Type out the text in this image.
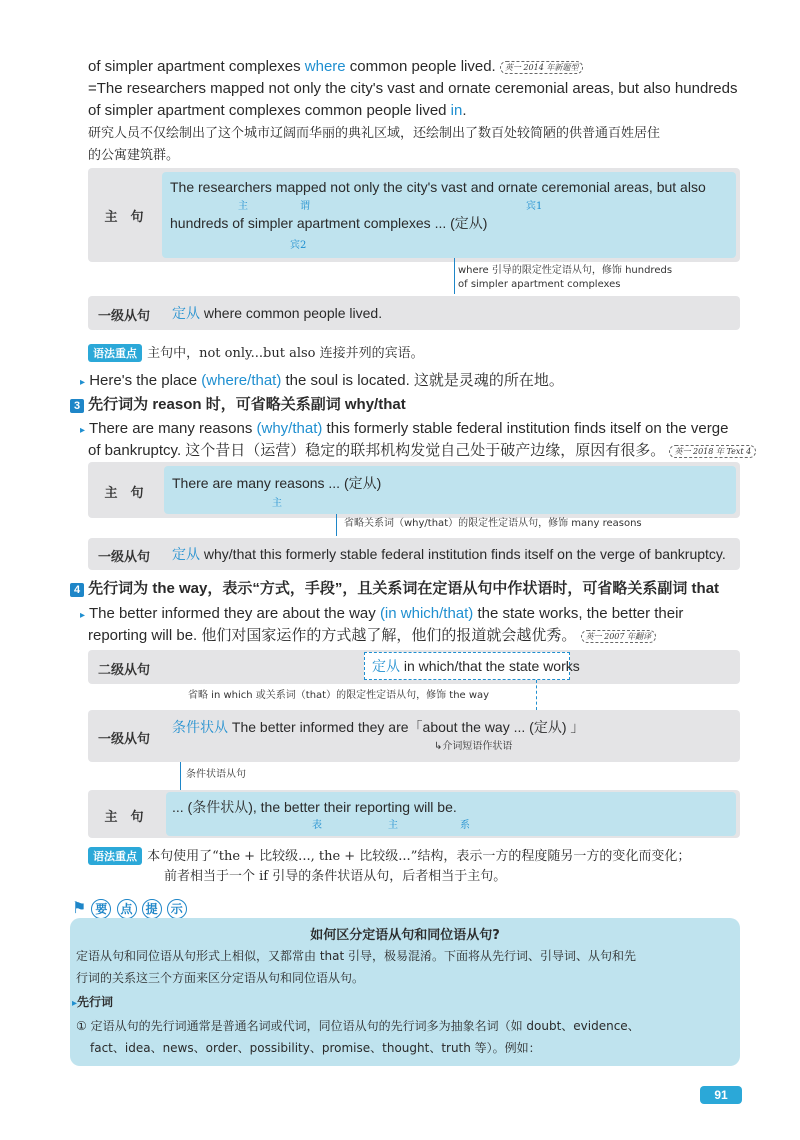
of simpler apartment complexes where common people lived. 英一 2014 年新题型
=The researchers mapped not only the city's vast and ornate ceremonial areas, but also hundreds
of simpler apartment complexes common people lived in.
研究人员不仅绘制出了这个城市辽阔而华丽的典礼区域，还绘制出了数百处较简陋的供普通百姓居住
的公寓建筑群。
主　句
The researchers mapped not only the city's vast and ornate ceremonial areas, but also
主	谓	宾1
hundreds of simpler apartment complexes ... (定从)
宾2
where 引导的限定性定语从句，修饰 hundreds
of simpler apartment complexes
一级从句	定从 where common people lived.
语法重点 主句中，not only...but also 连接并列的宾语。
▸ Here's the place (where/that) the soul is located. 这就是灵魂的所在地。
3 先行词为 reason 时，可省略关系副词 why/that
▸ There are many reasons (why/that) this formerly stable federal institution finds itself on the verge
of bankruptcy. 这个昔日（运营）稳定的联邦机构发觉自己处于破产边缘，原因有很多。 英一 2018 年 Text 4
主　句
There are many reasons ... (定从)
主
省略关系词（why/that）的限定性定语从句，修饰 many reasons
一级从句	定从 why/that this formerly stable federal institution finds itself on the verge of bankruptcy.
4 先行词为 the way，表示“方式，手段”，且关系词在定语从句中作状语时，可省略关系副词 that
▸ The better informed they are about the way (in which/that) the state works, the better their
reporting will be. 他们对国家运作的方式越了解，他们的报道就会越优秀。 英一 2007 年翻译
二级从句	定从 in which/that the state works
省略 in which 或关系词（that）的限定性定语从句，修饰 the way
一级从句
条件状从 The better informed they are「about the way ... (定从) 」
↳介词短语作状语
条件状语从句
主　句
... (条件状从), the better their reporting will be.
表	主	系
语法重点 本句使用了“the + 比较级..., the + 比较级...”结构，表示一方的程度随另一方的变化而变化；
前者相当于一个 if 引导的条件状语从句，后者相当于主句。
⚑ 要 点 提 示
如何区分定语从句和同位语从句?
定语从句和同位语从句形式上相似，又都常由 that 引导，极易混淆。下面将从先行词、引导词、从句和先
行词的关系这三个方面来区分定语从句和同位语从句。
▸先行词
① 定语从句的先行词通常是普通名词或代词，同位语从句的先行词多为抽象名词（如 doubt、evidence、
fact、idea、news、order、possibility、promise、thought、truth 等）。例如：
91
